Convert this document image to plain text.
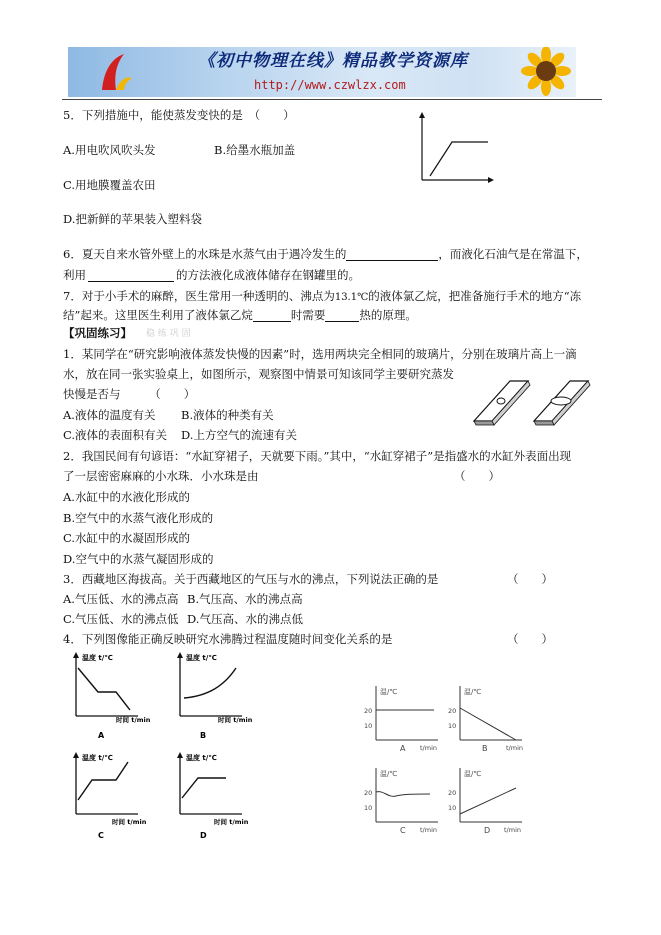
《初中物理在线》精品教学资源库
http://www.czwlzx.com
5．下列措施中，能使蒸发变快的是　（　　）
A.用电吹风吹头发	B.给墨水瓶加盖
C.用地膜覆盖农田
D.把新鲜的苹果装入塑料袋
6．夏天自来水管外壁上的水珠是水蒸气由于遇冷发生的	，而液化石油气是在常温下，
利用	的方法液化成液体储存在钢罐里的。
7．对于小手术的麻醉，医生常用一种透明的、沸点为13.1℃的液体氯乙烷，把准备施行手术的地方“冻
结”起来。这里医生利用了液体氯乙烷	时需要	热的原理。
【巩固练习】 稳 练 巩 固
1．某同学在“研究影响液体蒸发快慢的因素”时，选用两块完全相同的玻璃片，分别在玻璃片高上一滴
水，放在同一张实验桌上，如图所示，观察图中情景可知该同学主要研究蒸发
快慢是否与　　　（　　）
A.液体的温度有关 B.液体的种类有关
C.液体的表面积有关 D.上方空气的流速有关
2．我国民间有句谚语：“水缸穿裙子，天就要下雨。”其中，“水缸穿裙子”是指盛水的水缸外表面出现
了一层密密麻麻的小水珠．小水珠是由	（　　）
A.水缸中的水液化形成的
B.空气中的水蒸气液化形成的
C.水缸中的水凝固形成的
D.空气中的水蒸气凝固形成的
3．西藏地区海拔高。关于西藏地区的气压与水的沸点，下列说法正确的是	（　　）
A.气压低、水的沸点高 B.气压高、水的沸点高
C.气压低、水的沸点低 D.气压高、水的沸点低
4．下列图像能正确反映研究水沸腾过程温度随时间变化关系的是	（　　）
温度 t/℃
时间 t/min
A
温度 t/℃
时间 t/min
B
温度 t/℃
时间 t/min
C
温度 t/℃
时间 t/min
D
温/℃
20
10
t/min
A
温/℃
20
10
t/min
B
温/℃
20
10
t/min
C
温/℃
20
10
t/min
D
